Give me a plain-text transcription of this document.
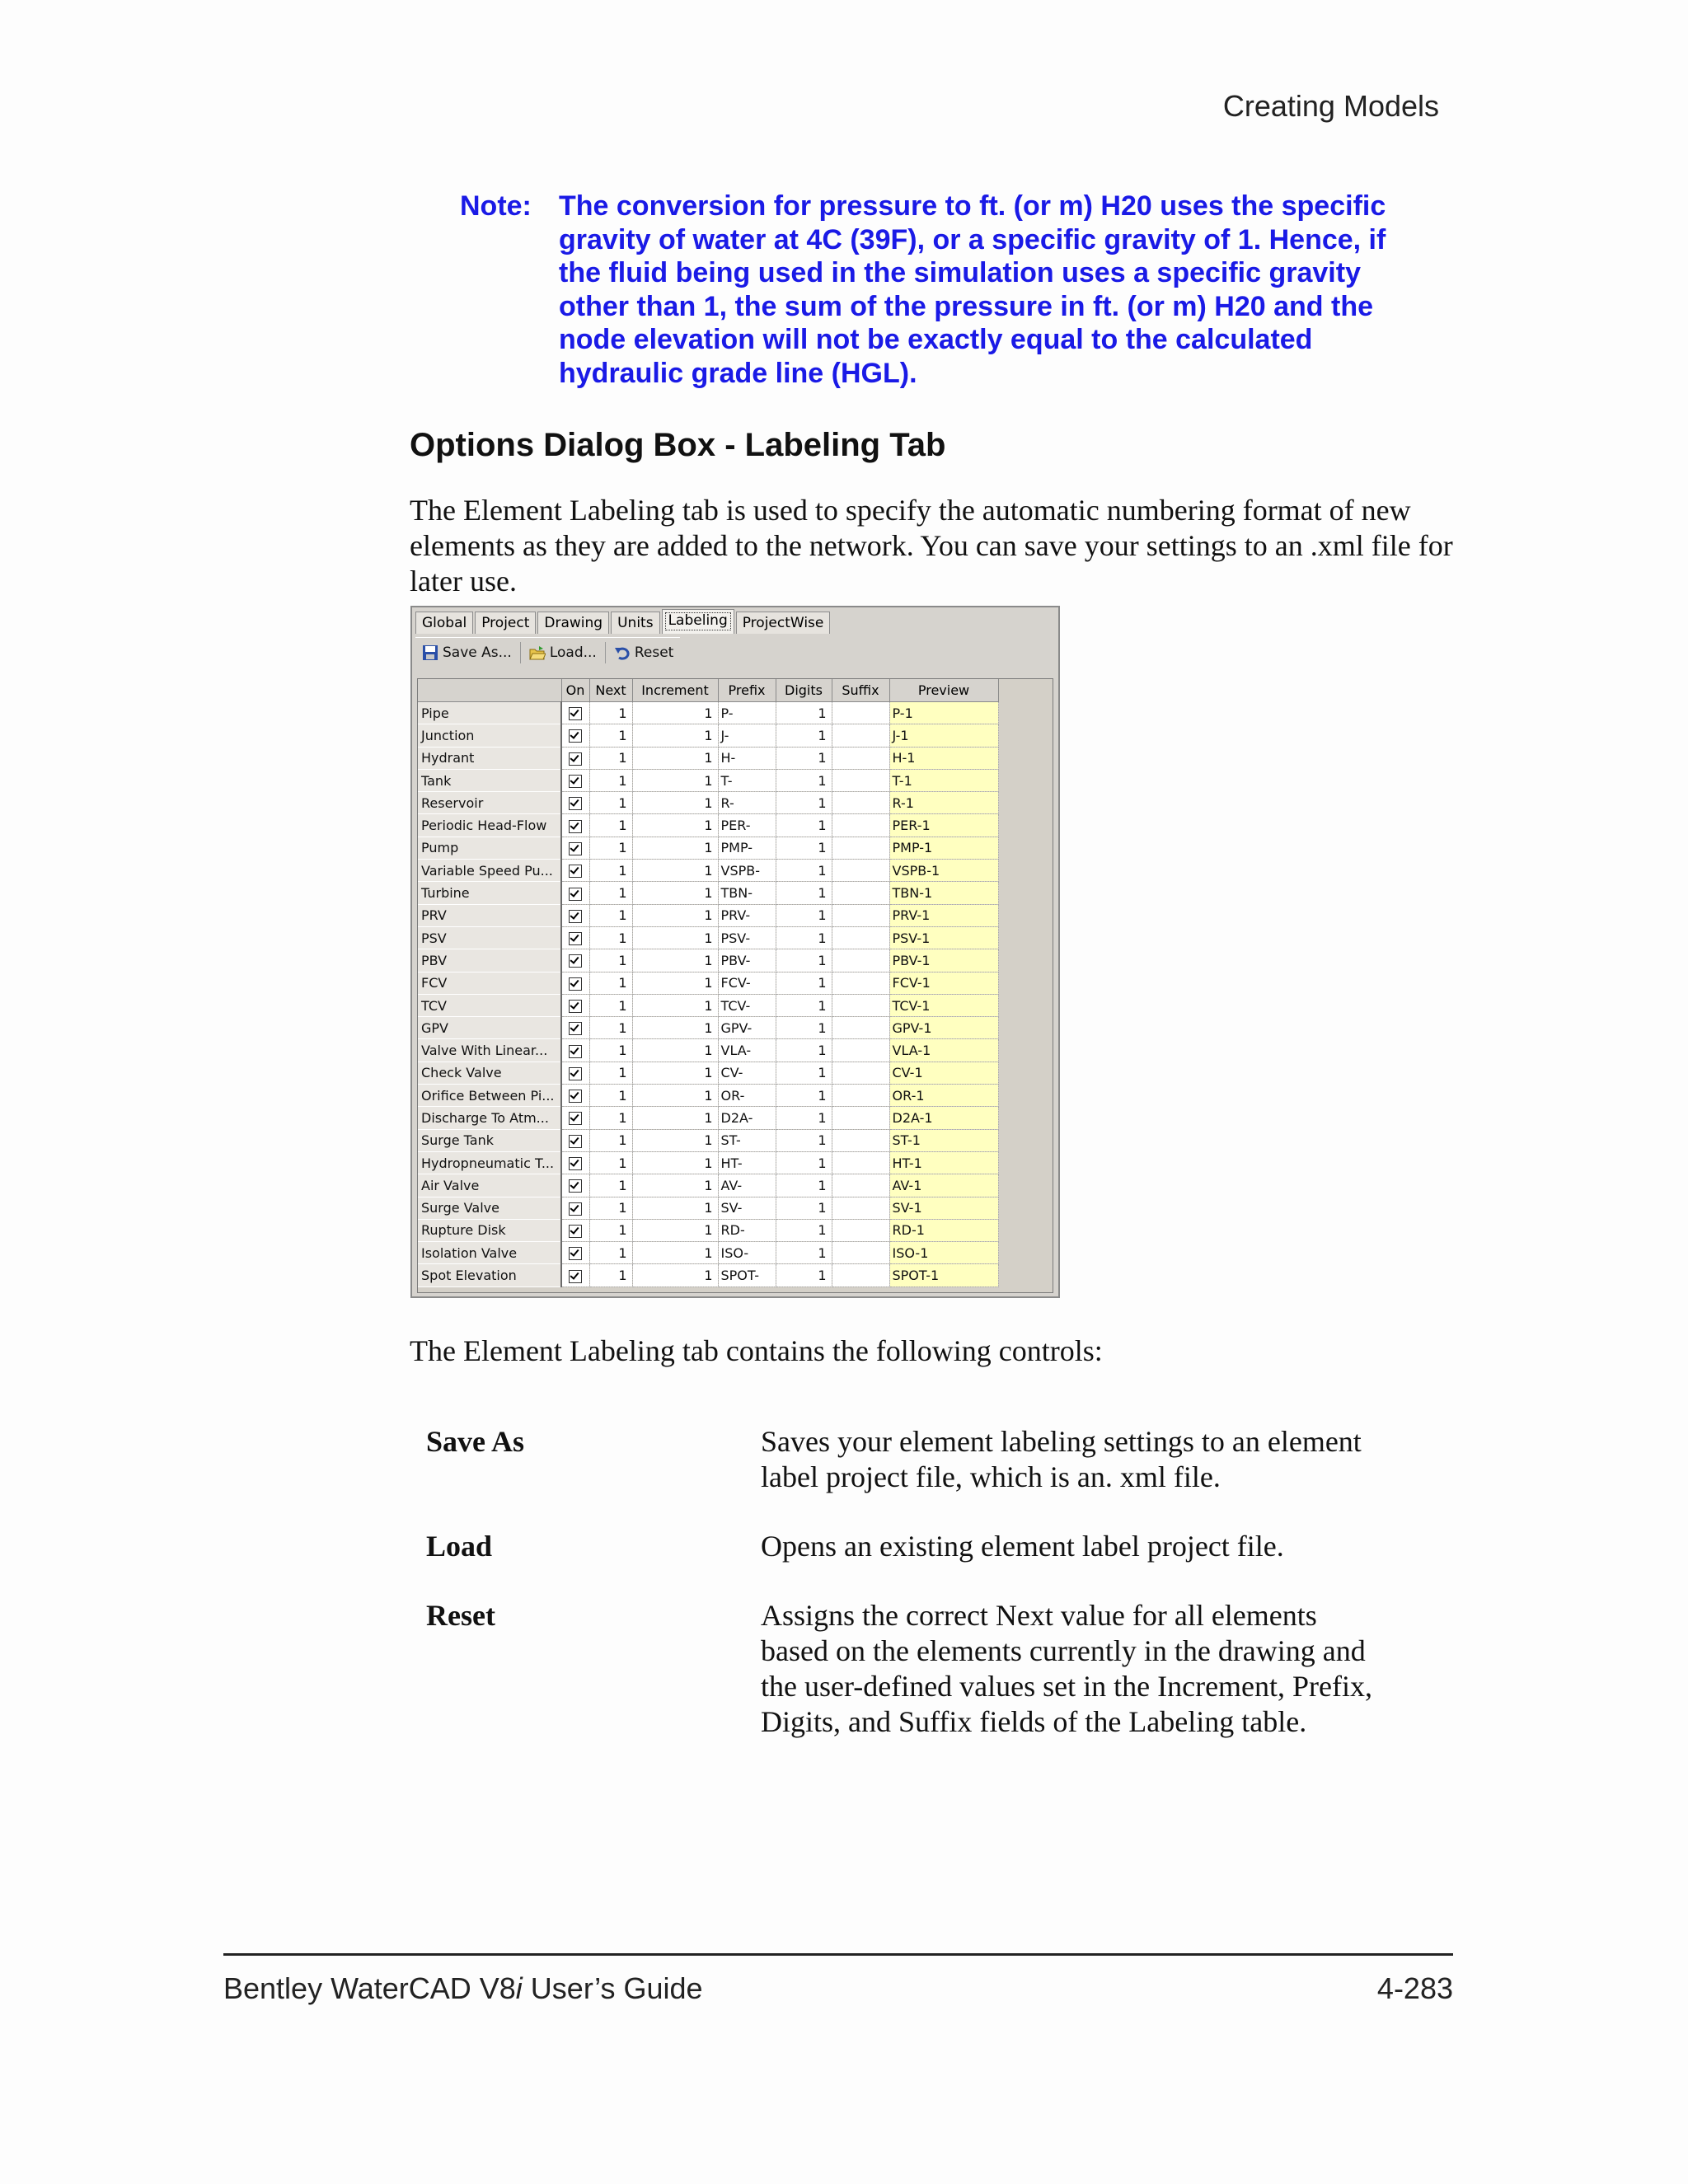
Creating Models
Note: The conversion for pressure to ft. (or m) H20 uses the specific gravity of water at 4C (39F), or a specific gravity of 1. Hence, if the fluid being used in the simulation uses a specific gravity other than 1, the sum of the pressure in ft. (or m) H20 and the node elevation will not be exactly equal to the calculated hydraulic grade line (HGL).
Options Dialog Box - Labeling Tab
The Element Labeling tab is used to specify the automatic numbering format of new elements as they are added to the network. You can save your settings to an .xml file for later use.
Global	Project	Drawing	Units	Labeling	ProjectWise
Save As...	Load...	Reset
	On	Next	Increment	Prefix	Digits	Suffix	Preview
Pipe		1	1	P-	1		P-1
Junction		1	1	J-	1		J-1
Hydrant		1	1	H-	1		H-1
Tank		1	1	T-	1		T-1
Reservoir		1	1	R-	1		R-1
Periodic Head-Flow		1	1	PER-	1		PER-1
Pump		1	1	PMP-	1		PMP-1
Variable Speed Pu...		1	1	VSPB-	1		VSPB-1
Turbine		1	1	TBN-	1		TBN-1
PRV		1	1	PRV-	1		PRV-1
PSV		1	1	PSV-	1		PSV-1
PBV		1	1	PBV-	1		PBV-1
FCV		1	1	FCV-	1		FCV-1
TCV		1	1	TCV-	1		TCV-1
GPV		1	1	GPV-	1		GPV-1
Valve With Linear...		1	1	VLA-	1		VLA-1
Check Valve		1	1	CV-	1		CV-1
Orifice Between Pi...		1	1	OR-	1		OR-1
Discharge To Atm...		1	1	D2A-	1		D2A-1
Surge Tank		1	1	ST-	1		ST-1
Hydropneumatic T...		1	1	HT-	1		HT-1
Air Valve		1	1	AV-	1		AV-1
Surge Valve		1	1	SV-	1		SV-1
Rupture Disk		1	1	RD-	1		RD-1
Isolation Valve		1	1	ISO-	1		ISO-1
Spot Elevation		1	1	SPOT-	1		SPOT-1
The Element Labeling tab contains the following controls:
Save As	Saves your element labeling settings to an element label project file, which is an. xml file.
Load	Opens an existing element label project file.
Reset	Assigns the correct Next value for all elements based on the elements currently in the drawing and the user-defined values set in the Increment, Prefix, Digits, and Suffix fields of the Labeling table.
Bentley WaterCAD V8i User’s Guide	4-283
